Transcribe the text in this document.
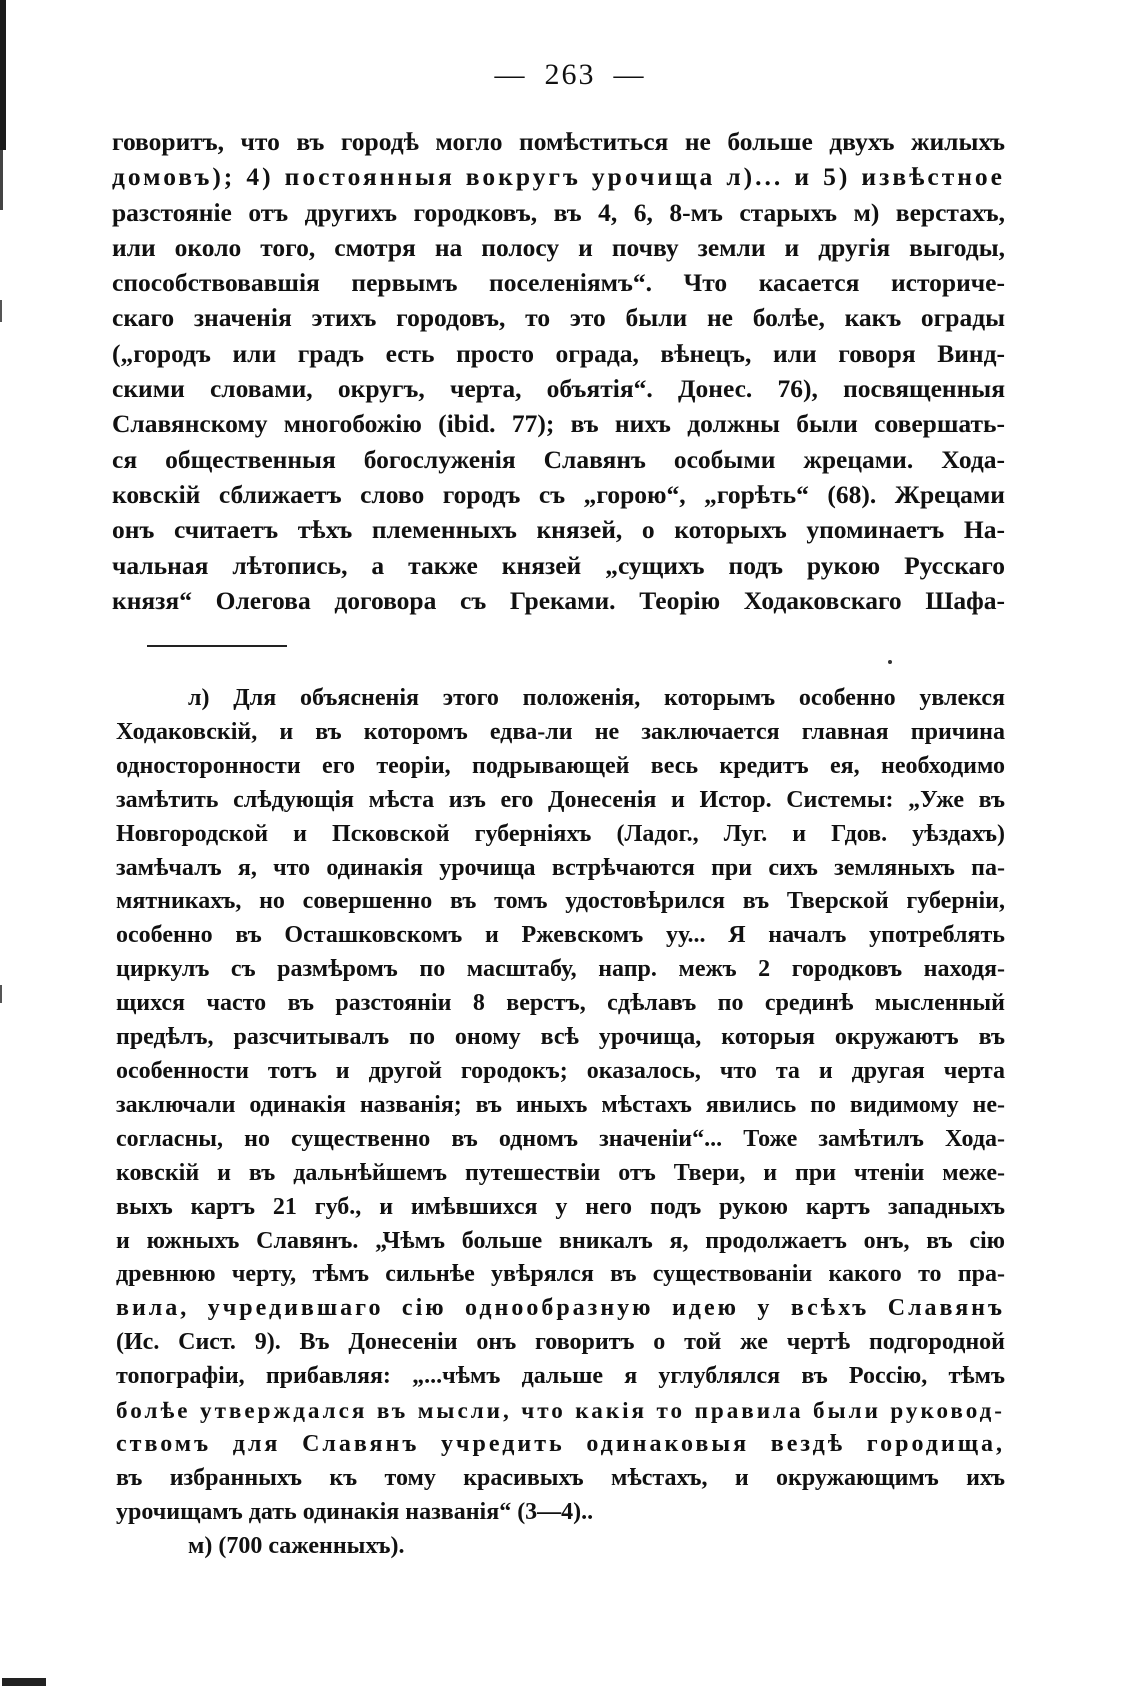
— 263 —
говоритъ, что въ городѣ могло помѣститься не больше двухъ жилыхъ
домовъ); 4) постоянныя вокругъ урочища л)... и 5) извѣстное
разстояніе отъ другихъ городковъ, въ 4, 6, 8-мъ старыхъ м) верстахъ,
или около того, смотря на полосу и почву земли и другія выгоды,
способствовавшія первымъ поселеніямъ“. Что касается историче-
скаго значенія этихъ городовъ, то это были не болѣе, какъ ограды
(„городъ или градъ есть просто ограда, вѣнецъ, или говоря Винд-
скими словами, округъ, черта, объятія“. Донес. 76), посвященныя
Славянскому многобожію (ibid. 77); въ нихъ должны были совершать-
ся общественныя богослуженія Славянъ особыми жрецами. Хода-
ковскій сближаетъ слово городъ съ „горою“, „горѣть“ (68). Жрецами
онъ считаетъ тѣхъ племенныхъ князей, о которыхъ упоминаетъ На-
чальная лѣтопись, а также князей „сущихъ подъ рукою Русскаго
князя“ Олегова договора съ Греками. Теорію Ходаковскаго Шафа-
л) Для объясненія этого положенія, которымъ особенно увлекся
Ходаковскій, и въ которомъ едва-ли не заключается главная причина
односторонности его теоріи, подрывающей весь кредитъ ея, необходимо
замѣтить слѣдующія мѣста изъ его Донесенія и Истор. Системы: „Уже въ
Новгородской и Псковской губерніяхъ (Ладог., Луг. и Гдов. уѣздахъ)
замѣчалъ я, что одинакія урочища встрѣчаются при сихъ земляныхъ па-
мятникахъ, но совершенно въ томъ удостовѣрился въ Тверской губерніи,
особенно въ Осташковскомъ и Ржевскомъ уу... Я началъ употреблять
циркулъ съ размѣромъ по масштабу, напр. межъ 2 городковъ находя-
щихся часто въ разстояніи 8 верстъ, сдѣлавъ по срединѣ мысленный
предѣлъ, разсчитывалъ по оному всѣ урочища, которыя окружаютъ въ
особенности тотъ и другой городокъ; оказалось, что та и другая черта
заключали одинакія названія; въ иныхъ мѣстахъ явились по видимому не-
согласны, но существенно въ одномъ значеніи“... Тоже замѣтилъ Хода-
ковскій и въ дальнѣйшемъ путешествіи отъ Твери, и при чтеніи меже-
выхъ картъ 21 губ., и имѣвшихся у него подъ рукою картъ западныхъ
и южныхъ Славянъ. „Чѣмъ больше вникалъ я, продолжаетъ онъ, въ сію
древнюю черту, тѣмъ сильнѣе увѣрялся въ существованіи какого то пра-
вила, учредившаго сію однообразную идею у всѣхъ Славянъ
(Ис. Сист. 9). Въ Донесеніи онъ говоритъ о той же чертѣ подгородной
топографіи, прибавляя: „...чѣмъ дальше я углублялся въ Россію, тѣмъ
болѣе утверждался въ мысли, что какія то правила были руковод-
ствомъ для Славянъ учредить одинаковыя вездѣ городища,
въ избранныхъ къ тому красивыхъ мѣстахъ, и окружающимъ ихъ
урочищамъ дать одинакія названія“ (3—4)..
м) (700 саженныхъ).
